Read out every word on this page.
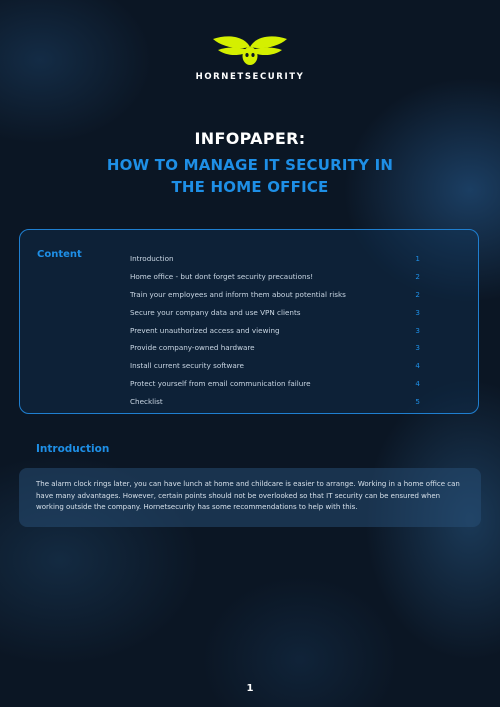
HORNETSECURITY
INFOPAPER:
HOW TO MANAGE IT SECURITY IN
THE HOME OFFICE
Content	Introduction	1
Home office - but dont forget security precautions!	2
Train your employees and inform them about potential risks	2
Secure your company data and use VPN clients	3
Prevent unauthorized access and viewing	3
Provide company-owned hardware	3
Install current security software	4
Protect yourself from email communication failure	4
Checklist	5
Introduction
The alarm clock rings later, you can have lunch at home and childcare is easier to arrange. Working in a home office can have many advantages. However, certain points should not be overlooked so that IT security can be ensured when working outside the company. Hornetsecurity has some recommendations to help with this.
1
